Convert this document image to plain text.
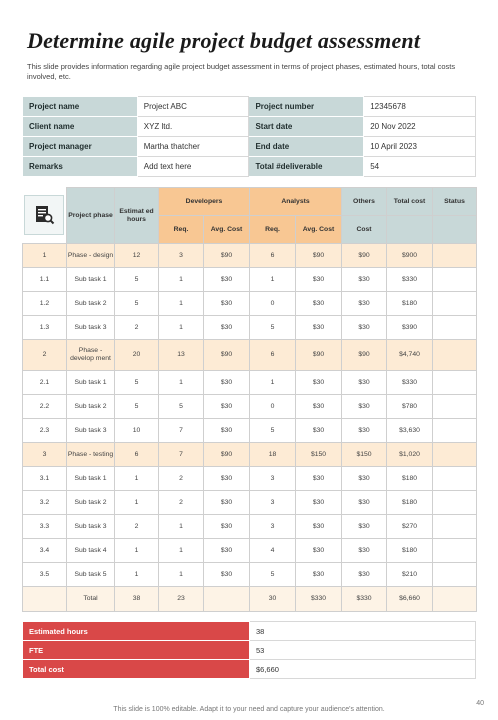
Determine agile project budget assessment

This slide provides information regarding agile project budget assessment in terms of project phases, estimated hours, total costs involved, etc.

Project name	Project ABC	Project number	12345678
Client name	XYZ ltd.	Start date	20 Nov 2022
Project manager	Martha thatcher	End date	10 April 2023
Remarks	Add text here	Total #deliverable	54
	Project phase	Estimat ed hours	Developers		Analysts		Others	Total cost	Status
			Req.	Avg. Cost	Req.	Avg. Cost	Cost		
1	Phase - design	12	3	$90	6	$90	$90	$900	
1.1	Sub task 1	5	1	$30	1	$30	$30	$330	
1.2	Sub task 2	5	1	$30	0	$30	$30	$180	
1.3	Sub task 3	2	1	$30	5	$30	$30	$390	
2	Phase - develop ment	20	13	$90	6	$90	$90	$4,740	
2.1	Sub task 1	5	1	$30	1	$30	$30	$330	
2.2	Sub task 2	5	5	$30	0	$30	$30	$780	
2.3	Sub task 3	10	7	$30	5	$30	$30	$3,630	
3	Phase - testing	6	7	$90	18	$150	$150	$1,020	
3.1	Sub task 1	1	2	$30	3	$30	$30	$180	
3.2	Sub task 2	1	2	$30	3	$30	$30	$180	
3.3	Sub task 3	2	1	$30	3	$30	$30	$270	
3.4	Sub task 4	1	1	$30	4	$30	$30	$180	
3.5	Sub task 5	1	1	$30	5	$30	$30	$210	
	Total	38	23		30	$330	$330	$6,660	
Estimated hours	38
FTE	53
Total cost	$6,660
This slide is 100% editable. Adapt it to your need and capture your audience's attention.
40
